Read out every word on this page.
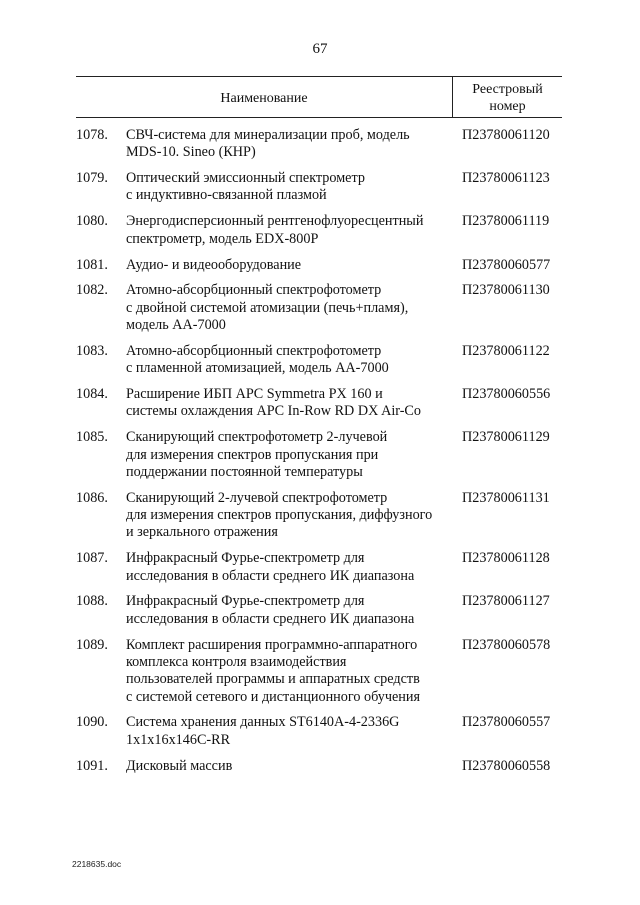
67
Наименование
Реестровый номер
1078.	СВЧ-система для минерализации проб, модель
MDS-10. Sineo (КНР)
П23780061120
1079.	Оптический эмиссионный спектрометр
с индуктивно-связанной плазмой
П23780061123
1080.	Энергодисперсионный рентгенофлуоресцентный
спектрометр, модель EDX-800P
П23780061119
1081.	Аудио- и видеооборудование	П23780060577
1082.	Атомно-абсорбционный спектрофотометр
с двойной системой атомизации (печь+пламя),
модель AA-7000
П23780061130
1083.	Атомно-абсорбционный спектрофотометр
с пламенной атомизацией, модель AA-7000
П23780061122
1084.	Расширение ИБП APC Symmetra PX 160 и
системы охлаждения APC In-Row RD DX Air-Co
П23780060556
1085.	Сканирующий спектрофотометр 2-лучевой
для измерения спектров пропускания при
поддержании постоянной температуры
П23780061129
1086.	Сканирующий 2-лучевой спектрофотометр
для измерения спектров пропускания, диффузного
и зеркального отражения
П23780061131
1087.	Инфракрасный Фурье-спектрометр для
исследования в области среднего ИК диапазона
П23780061128
1088.	Инфракрасный Фурье-спектрометр для
исследования в области среднего ИК диапазона
П23780061127
1089.	Комплект расширения программно-аппаратного
комплекса контроля взаимодействия
пользователей программы и аппаратных средств
с системой сетевого и дистанционного обучения
П23780060578
1090.	Система хранения данных ST6140A-4-2336G
1x1x16x146C-RR
П23780060557
1091.	Дисковый массив	П23780060558
2218635.doc
